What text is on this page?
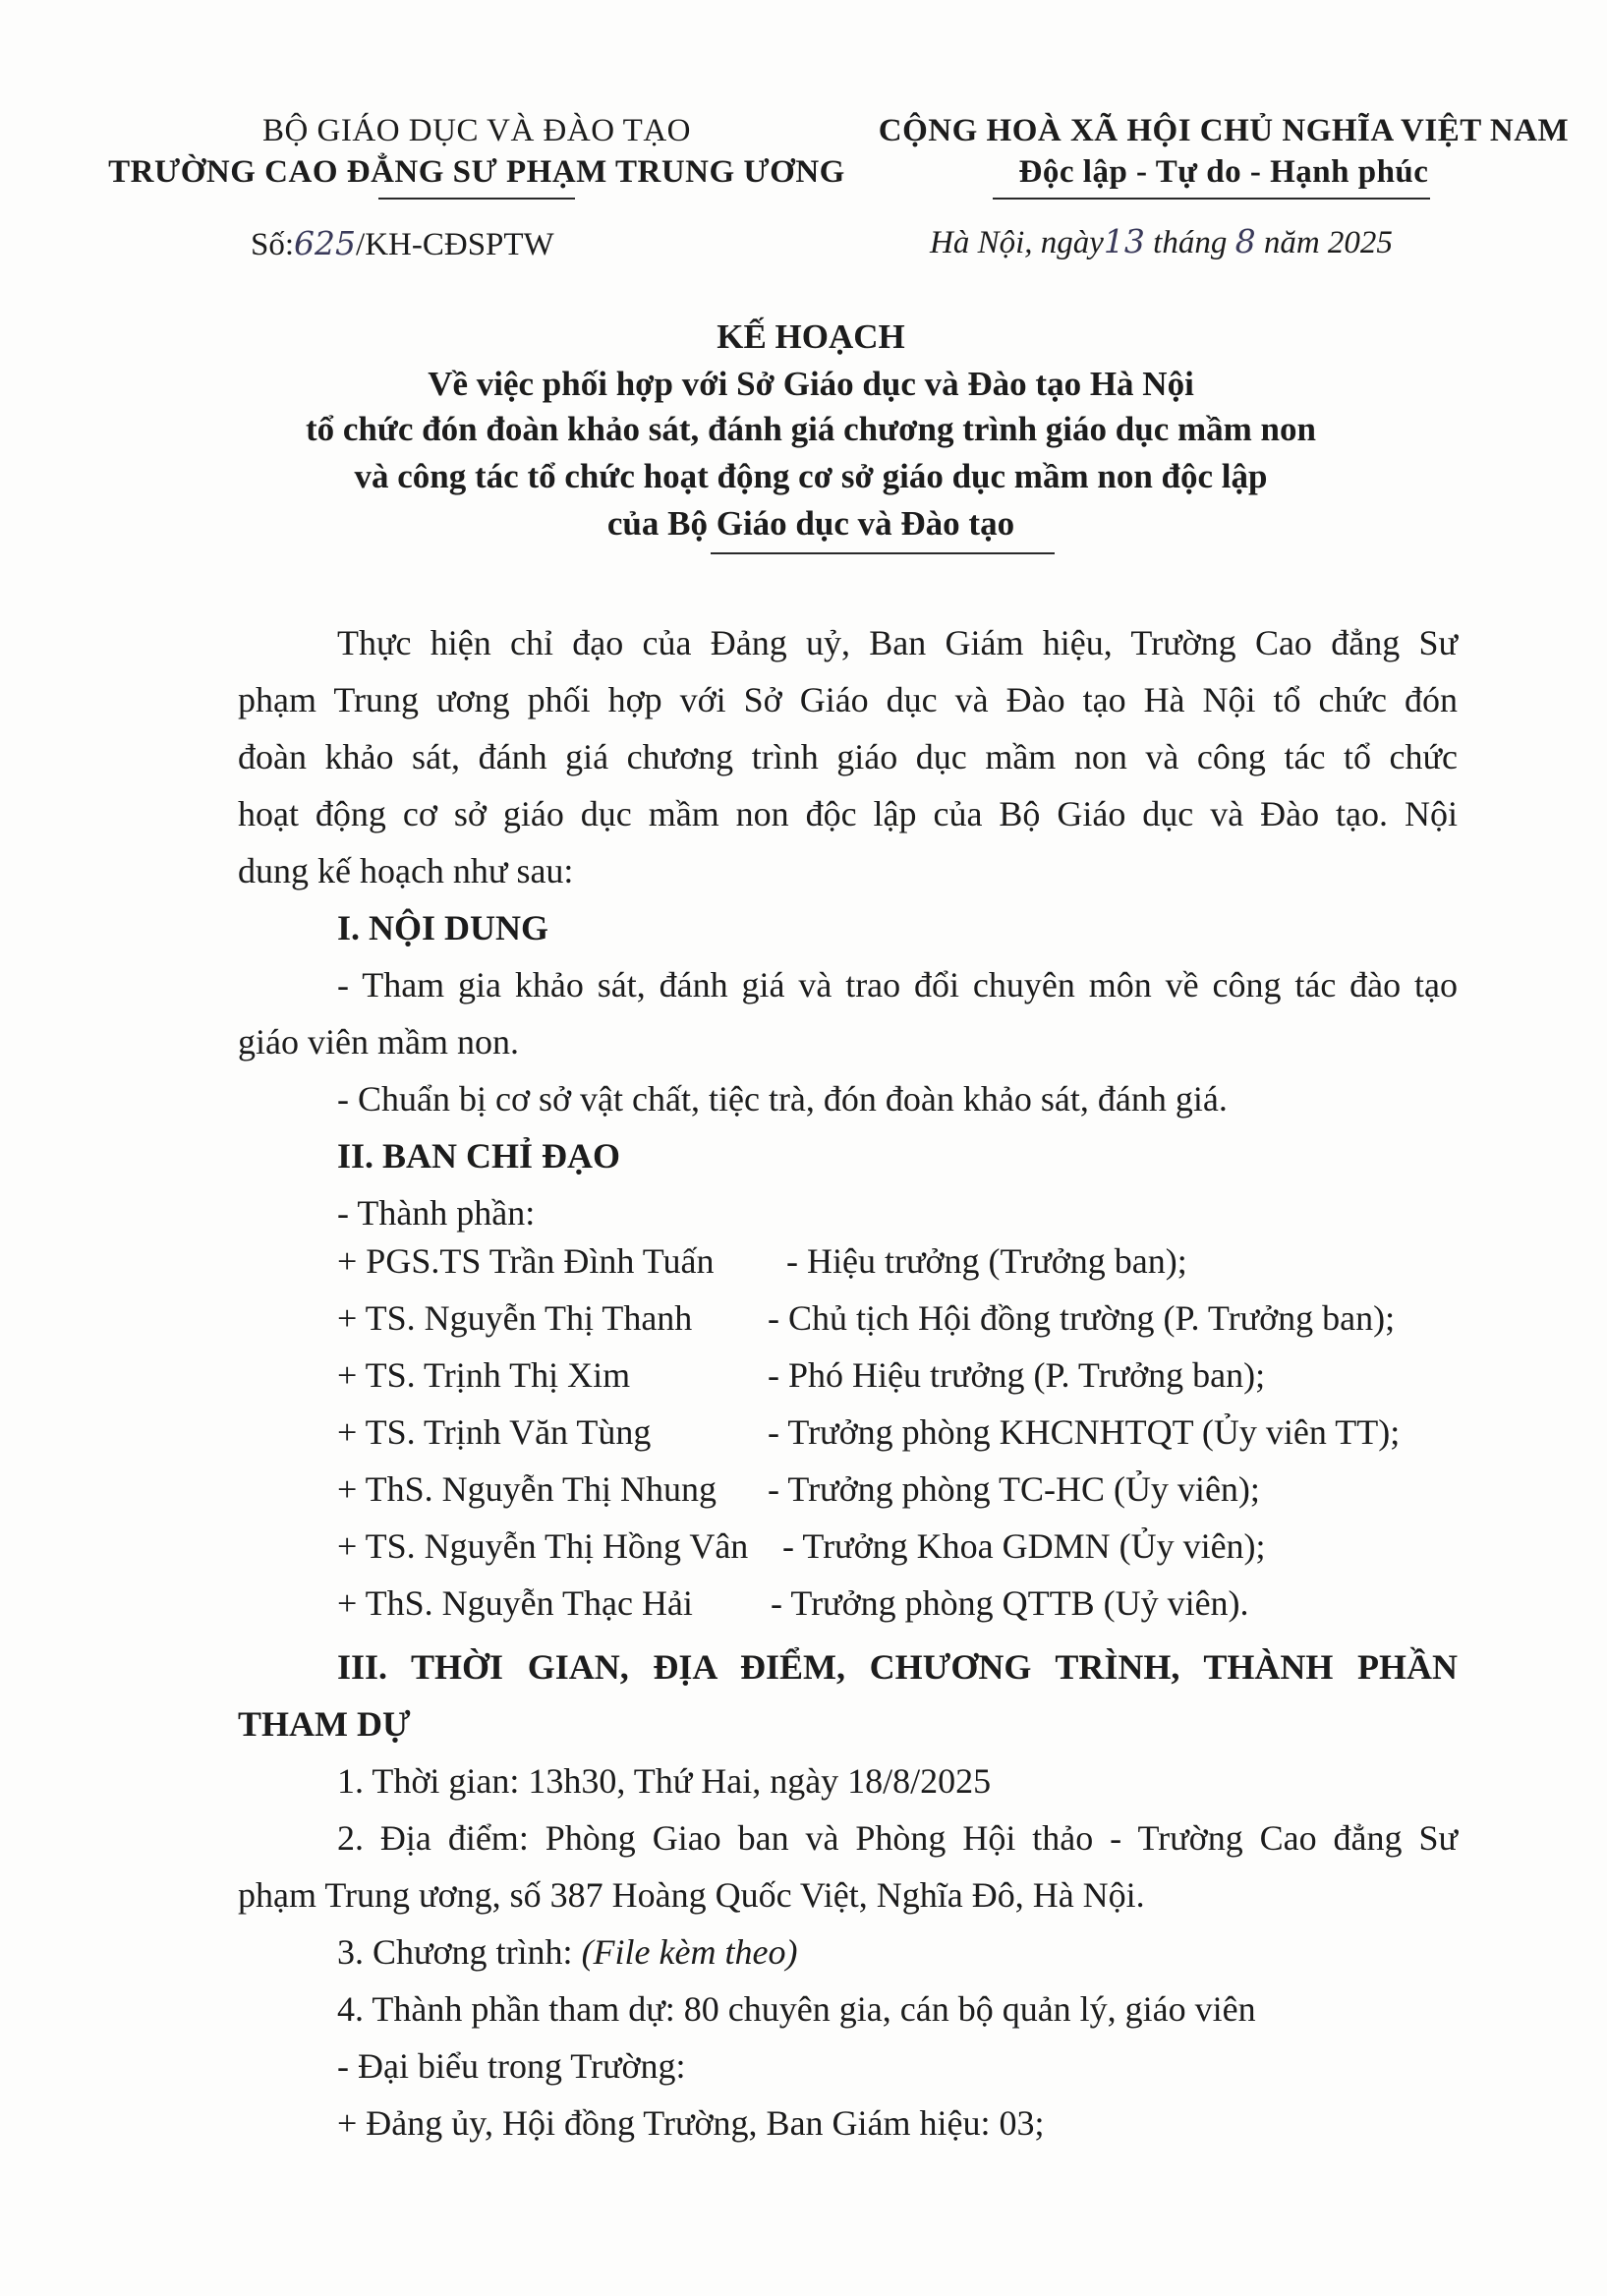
BỘ GIÁO DỤC VÀ ĐÀO TẠO
TRƯỜNG CAO ĐẲNG SƯ PHẠM TRUNG ƯƠNG
CỘNG HOÀ XÃ HỘI CHỦ NGHĨA VIỆT NAM
Độc lập - Tự do - Hạnh phúc
Số:625/KH-CĐSPTW	Hà Nội, ngày13 tháng 8 năm 2025
KẾ HOẠCH
Về việc phối hợp với Sở Giáo dục và Đào tạo Hà Nội
tổ chức đón đoàn khảo sát, đánh giá chương trình giáo dục mầm non
và công tác tổ chức hoạt động cơ sở giáo dục mầm non độc lập
của Bộ Giáo dục và Đào tạo
Thực hiện chỉ đạo của Đảng uỷ, Ban Giám hiệu, Trường Cao đẳng Sư
phạm Trung ương phối hợp với Sở Giáo dục và Đào tạo Hà Nội tổ chức đón
đoàn khảo sát, đánh giá chương trình giáo dục mầm non và công tác tổ chức
hoạt động cơ sở giáo dục mầm non độc lập của Bộ Giáo dục và Đào tạo. Nội
dung kế hoạch như sau:
I. NỘI DUNG
- Tham gia khảo sát, đánh giá và trao đổi chuyên môn về công tác đào tạo
giáo viên mầm non.
- Chuẩn bị cơ sở vật chất, tiệc trà, đón đoàn khảo sát, đánh giá.
II. BAN CHỈ ĐẠO
- Thành phần:
+ PGS.TS Trần Đình Tuấn - Hiệu trưởng (Trưởng ban);
+ TS. Nguyễn Thị Thanh - Chủ tịch Hội đồng trường (P. Trưởng ban);
+ TS. Trịnh Thị Xim	- Phó Hiệu trưởng (P. Trưởng ban);
+ TS. Trịnh Văn Tùng	- Trưởng phòng KHCNHTQT (Ủy viên TT);
+ ThS. Nguyễn Thị Nhung - Trưởng phòng TC-HC (Ủy viên);
+ TS. Nguyễn Thị Hồng Vân - Trưởng Khoa GDMN (Ủy viên);
+ ThS. Nguyễn Thạc Hải - Trưởng phòng QTTB (Uỷ viên).
III. THỜI GIAN, ĐỊA ĐIỂM, CHƯƠNG TRÌNH, THÀNH PHẦN
THAM DỰ
1. Thời gian: 13h30, Thứ Hai, ngày 18/8/2025
2. Địa điểm: Phòng Giao ban và Phòng Hội thảo - Trường Cao đẳng Sư
phạm Trung ương, số 387 Hoàng Quốc Việt, Nghĩa Đô, Hà Nội.
3. Chương trình: (File kèm theo)
4. Thành phần tham dự: 80 chuyên gia, cán bộ quản lý, giáo viên
- Đại biểu trong Trường:
+ Đảng ủy, Hội đồng Trường, Ban Giám hiệu: 03;
